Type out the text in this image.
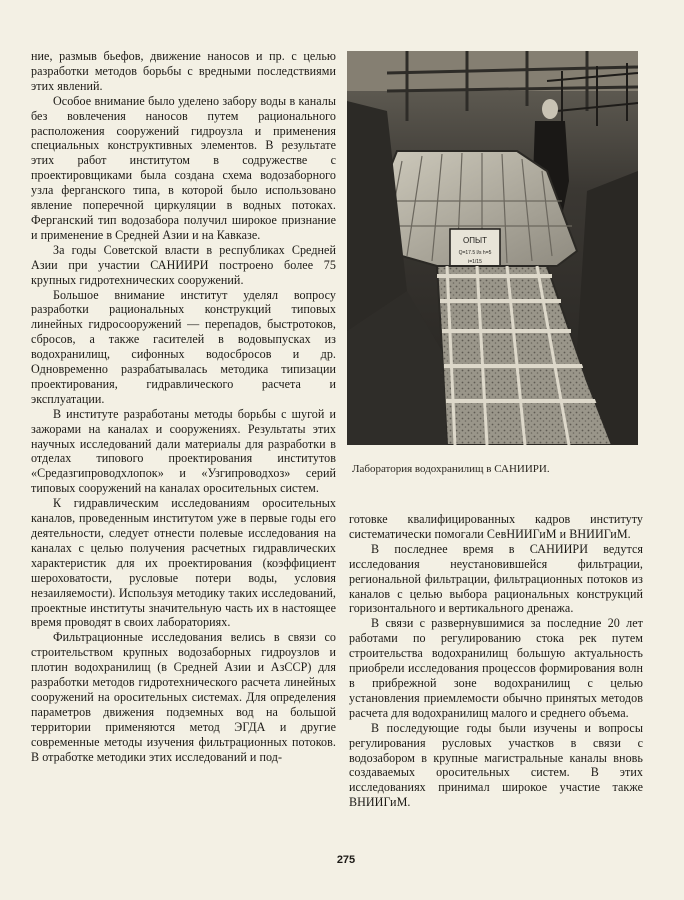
ние, размыв бьефов, движение наносов и пр. с целью разработки методов борьбы с вредными последствиями этих явлений.

Особое внимание было уделено забору воды в каналы без вовлечения наносов путем рационального расположения сооружений гидроузла и применения специальных конструктивных элементов. В результате этих работ институтом в содружестве с проектировщиками была создана схема водозаборного узла ферганского типа, в которой было использовано явление поперечной циркуляции в водных потоках. Ферганский тип водозабора получил широкое признание и применение в Средней Азии и на Кавказе.

За годы Советской власти в республиках Средней Азии при участии САНИИРИ построено более 75 крупных гидротехнических сооружений.

Большое внимание институт уделял вопросу разработки рациональных конструкций типовых линейных гидросооружений — перепадов, быстротоков, сбросов, а также гасителей в водовыпусках из водохранилищ, сифонных водосбросов и др. Одновременно разрабатывалась методика типизации проектирования, гидравлического расчета и эксплуатации.

В институте разработаны методы борьбы с шугой и зажорами на каналах и сооружениях. Результаты этих научных исследований дали материалы для разработки в отделах типового проектирования институтов «Средазгипроводхлопок» и «Узгипроводхоз» серий типовых сооружений на каналах оросительных систем.

К гидравлическим исследованиям оросительных каналов, проведенным институтом уже в первые годы его деятельности, следует отнести полевые исследования на каналах с целью получения расчетных гидравлических характеристик для их проектирования (коэффициент шероховатости, русловые потери воды, условия незаиляемости). Используя методику таких исследований, проектные институты значительную часть их в настоящее время проводят в своих лабораториях.

Фильтрационные исследования велись в связи со строительством крупных водозаборных гидроузлов и плотин водохранилищ (в Средней Азии и АзССР) для разработки методов гидротехнического расчета линейных сооружений на оросительных системах. Для определения параметров движения подземных вод на большой территории применяются метод ЭГДА и другие современные методы изучения фильтрационных потоков. В отработке методики этих исследований и под-

ОПЫТ
Q=17.5 l/s h=5
i=1/15
Лаборатория водохранилищ в САНИИРИ.

готовке квалифицированных кадров институту систематически помогали СевНИИГиМ и ВНИИГиМ.

В последнее время в САНИИРИ ведутся исследования неустановившейся фильтрации, региональной фильтрации, фильтрационных потоков из каналов с целью выбора рациональных конструкций горизонтального и вертикального дренажа.

В связи с развернувшимися за последние 20 лет работами по регулированию стока рек путем строительства водохранилищ большую актуальность приобрели исследования процессов формирования волн в прибрежной зоне водохранилищ с целью установления приемлемости обычно принятых методов расчета для водохранилищ малого и среднего объема.

В последующие годы были изучены и вопросы регулирования русловых участков в связи с водозабором в крупные магистральные каналы вновь создаваемых оросительных систем. В этих исследованиях принимал широкое участие также ВНИИГиМ.

275
